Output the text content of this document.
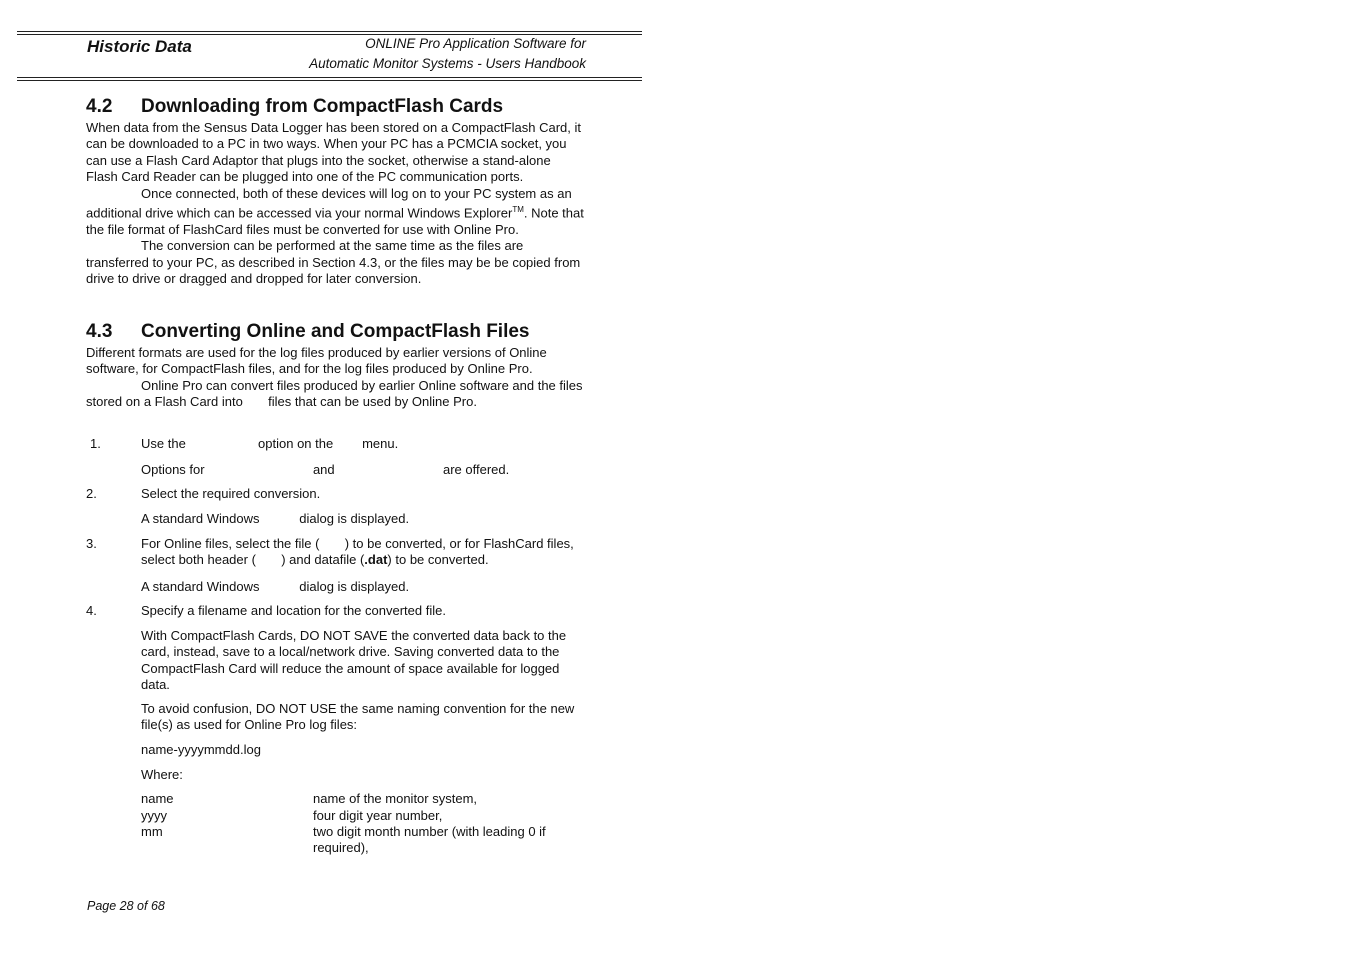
Historic Data	ONLINE Pro Application Software for
Automatic Monitor Systems - Users Handbook
4.2 Downloading from CompactFlash Cards

When data from the Sensus Data Logger has been stored on a CompactFlash Card, it can be downloaded to a PC in two ways. When your PC has a PCMCIA socket, you can use a Flash Card Adaptor that plugs into the socket, otherwise a stand-alone Flash Card Reader can be plugged into one of the PC communication ports.

Once connected, both of these devices will log on to your PC system as an additional drive which can be accessed via your normal Windows Explorer™. Note that the file format of FlashCard files must be converted for use with Online Pro.

The conversion can be performed at the same time as the files are transferred to your PC, as described in Section 4.3, or the files may be be copied from drive to drive or dragged and dropped for later conversion.

4.3 Converting Online and CompactFlash Files

Different formats are used for the log files produced by earlier versions of Online software, for CompactFlash files, and for the log files produced by Online Pro.

Online Pro can convert files produced by earlier Online software and the files stored on a Flash Card into       files that can be used by Online Pro.

1.	Use the                    option on the        menu.
Options for                              and                              are offered.
2.	Select the required conversion.
A standard Windows           dialog is displayed.
3.	For Online files, select the file (       ) to be converted, or for FlashCard files, select both header (       ) and datafile (.dat) to be converted.
A standard Windows           dialog is displayed.
4.	Specify a filename and location for the converted file.
With CompactFlash Cards, DO NOT SAVE the converted data back to the card, instead, save to a local/network drive. Saving converted data to the CompactFlash Card will reduce the amount of space available for logged data.
To avoid confusion, DO NOT USE the same naming convention for the new file(s) as used for Online Pro log files:
name-yyyymmdd.log
Where:
name	name of the monitor system,
yyyy	four digit year number,
mm	two digit month number (with leading 0 if required),
Page 28 of 68
